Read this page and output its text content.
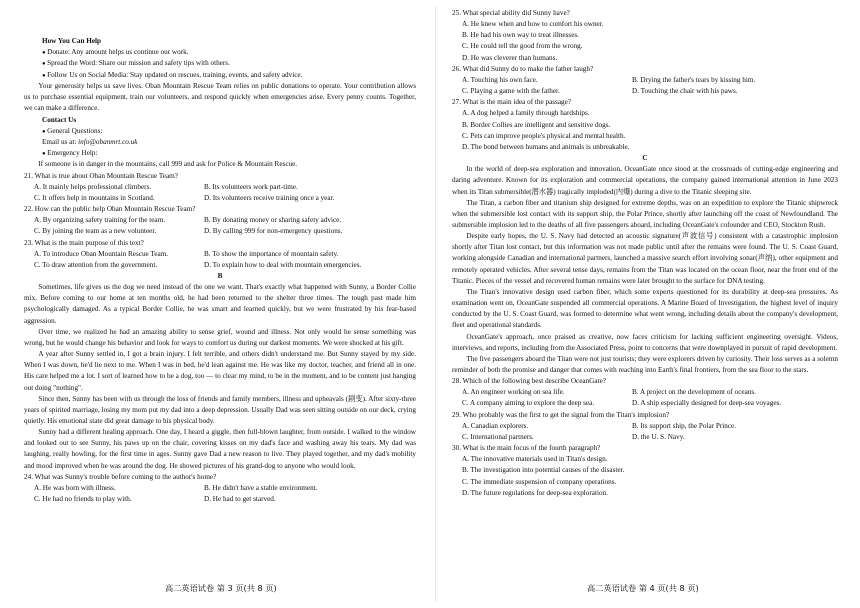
How You Can Help

● Donate: Any amount helps us continue our work.

● Spread the Word: Share our mission and safety tips with others.

● Follow Us on Social Media: Stay updated on rescues, training, events, and safety advice.

Your generosity helps us save lives. Oban Mountain Rescue Team relies on public donations to operate. Your contribution allows us to purchase essential equipment, train our volunteers, and respond quickly when emergencies arise. Every penny counts. Together, we can make a difference.

Contact Us

● General Questions:

Email us at: info@obanmrt.co.uk

● Emergency Help:

If someone is in danger in the mountains, call 999 and ask for Police & Mountain Rescue.

21. What is true about Oban Mountain Rescue Team?

A. It mainly helps professional climbers.	B. Its volunteers work part-time.
C. It offers help in mountains in Scotland.	D. Its volunteers receive training once a year.

22. How can the public help Oban Mountain Rescue Team?

A. By organizing safety training for the team.	B. By donating money or sharing safety advice.
C. By joining the team as a new volunteer.	D. By calling 999 for non-emergency questions.

23. What is the main purpose of this text?

A. To introduce Oban Mountain Rescue Team.	B. To show the importance of mountain safety.
C. To draw attention from the government.	D. To explain how to deal with mountain emergencies.

B

Sometimes, life gives us the dog we need instead of the one we want. That's exactly what happened with Sunny, a Border Collie mix. Before coming to our home at ten months old, he had been returned to the shelter three times. The tough past made him psychologically damaged. As a typical Border Collie, he was smart and learned quickly, but we were frustrated by his fear-based aggression.

Over time, we realized he had an amazing ability to sense grief, wound and illness. Not only would he sense something was wrong, but he would change his behavior and look for ways to comfort us during our darkest moments. We were shocked at his gift.

A year after Sunny settled in, I got a brain injury. I felt terrible, and others didn't understand me. But Sunny stayed by my side. When I was down, he'd lie next to me. When I was in bed, he'd lean against me. He was like my doctor, teacher, and friend all in one. His care helped me a lot. I sort of learned how to be a dog, too — to clear my mind, to be in the moment, and to be content just hanging out doing "nothing".

Since then, Sunny has been with us through the loss of friends and family members, illness and upheavals (剧变). After sixty-three years of spirited marriage, losing my mom put my dad into a deep depression. Usually Dad was seen sitting outside on our deck, crying quietly. His emotional state did great damage to his physical body.

Sunny had a different healing approach. One day, I heard a giggle, then full-blown laughter, from outside. I walked to the window and looked out to see Sunny, his paws up on the chair, covering kisses on my dad's face and washing away his tears. My dad was laughing, really howling, for the first time in ages. Sunny gave Dad a new reason to live. They played together, and my dad's mobility and mood improved when he was around the dog. He showed pictures of his grand-dog to anyone who would look.

24. What was Sunny's trouble before coming to the author's home?

A. He was born with illness.	B. He didn't have a stable environment.
C. He had no friends to play with.	D. He had to get starved.

25. What special ability did Sunny have?

A. He knew when and how to comfort his owner.

B. He had his own way to treat illnesses.

C. He could tell the good from the wrong.

D. He was cleverer than humans.

26. What did Sunny do to make the father laugh?

A. Touching his own face.	B. Drying the father's tears by kissing him.
C. Playing a game with the father.	D. Touching the chair with his paws.

27. What is the main idea of the passage?

A. A dog helped a family through hardships.

B. Border Collies are intelligent and sensitive dogs.

C. Pets can improve people's physical and mental health.

D. The bond between humans and animals is unbreakable.

C

In the world of deep-sea exploration and innovation, OceanGate once stood at the crossroads of cutting-edge engineering and daring adventure. Known for its exploration and commercial operations, the company gained international attention in June 2023 when its Titan submersible(潜水器) tragically imploded(内爆) during a dive to the Titanic sleeping site.

The Titan, a carbon fiber and titanium ship designed for extreme depths, was on an expedition to explore the Titanic shipwreck when the submersible lost contact with its support ship, the Polar Prince, shortly after launching off the coast of Newfoundland. The submersible implosion led to the deaths of all five passengers aboard, including OceanGate's cofounder and CEO, Stockton Rush.

Despite early hopes, the U. S. Navy had detected an acoustic signature(声波信号) consistent with a catastrophic implosion shortly after Titan lost contact, but this information was not made public until after the remains were found. The U. S. Coast Guard, working alongside Canadian and international partners, launched a massive search effort involving sonar(声纳), other equipment and remotely operated vehicles. After several tense days, remains from the Titan was located on the ocean floor, near the front end of the Titanic. Pieces of the vessel and recovered human remains were later brought to the surface for DNA testing.

The Titan's innovative design used carbon fiber, which some experts questioned for its durability at deep-sea pressures. As examination went on, OceanGate suspended all commercial operations. A Marine Board of Investigation, the highest level of inquiry conducted by the U. S. Coast Guard, was formed to determine what went wrong, including details about the company's development, fleet and operational standards.

OceanGate's approach, once praised as creative, now faces criticism for lacking sufficient engineering oversight. Videos, interviews, and reports, including from the Associated Press, point to concerns that were downplayed in pursuit of rapid development.

The five passengers aboard the Titan were not just tourists; they were explorers driven by curiosity. Their loss serves as a solemn reminder of both the promise and danger that comes with reaching into Earth's final frontiers, from the sea floor to the stars.

28. Which of the following best describe OceanGate?

A. An engineer working on sea life.	B. A project on the development of oceans.
C. A company aiming to explore the deep sea.	D. A ship especially designed for deep-sea voyages.

29. Who probably was the first to get the signal from the Titan's implosion?

A. Canadian explorers.	B. Its support ship, the Polar Prince.
C. International partners.	D. the U. S. Navy.

30. What is the main focus of the fourth paragraph?

A. The innovative materials used in Titan's design.

B. The investigation into potential causes of the disaster.

C. The immediate suspension of company operations.

D. The future regulations for deep-sea exploration.

高二英语试卷 第 3 页(共 8 页)	高二英语试卷 第 4 页(共 8 页)
